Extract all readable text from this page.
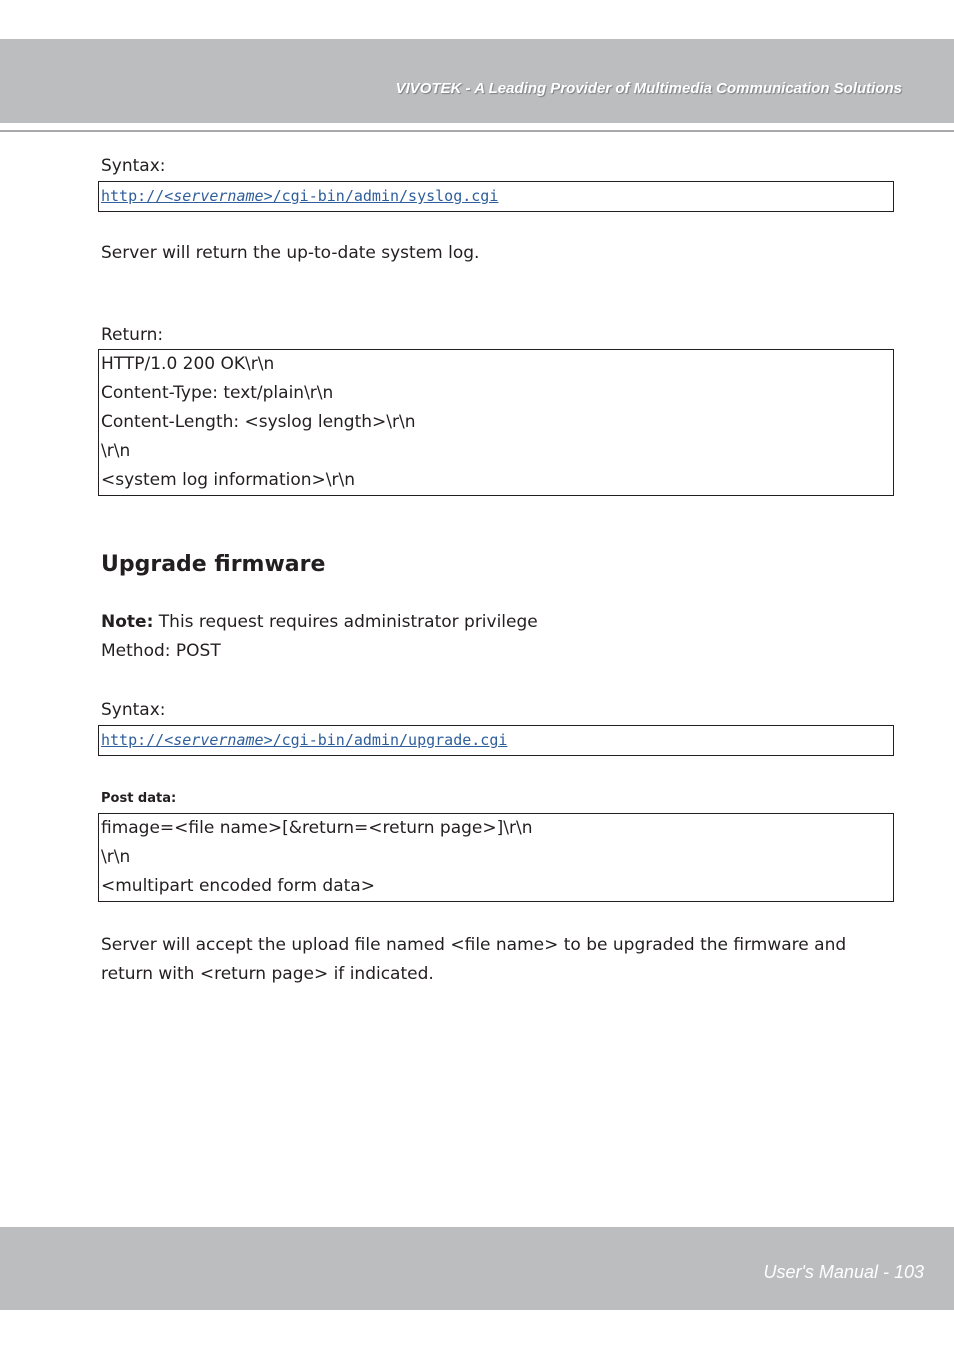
VIVOTEK - A Leading Provider of Multimedia Communication Solutions

Syntax:

http://<servername>/cgi-bin/admin/syslog.cgi

Server will return the up-to-date system log.

Return:

HTTP/1.0 200 OK\r\n
Content-Type: text/plain\r\n
Content-Length: <syslog length>\r\n
\r\n
<system log information>\r\n
Upgrade firmware

Note: This request requires administrator privilege

Method: POST

Syntax:

http://<servername>/cgi-bin/admin/upgrade.cgi

Post data:

fimage=<file name>[&return=<return page>]\r\n
\r\n
<multipart encoded form data>

Server will accept the upload file named <file name> to be upgraded the firmware and

return with <return page> if indicated.

User's Manual - 103
